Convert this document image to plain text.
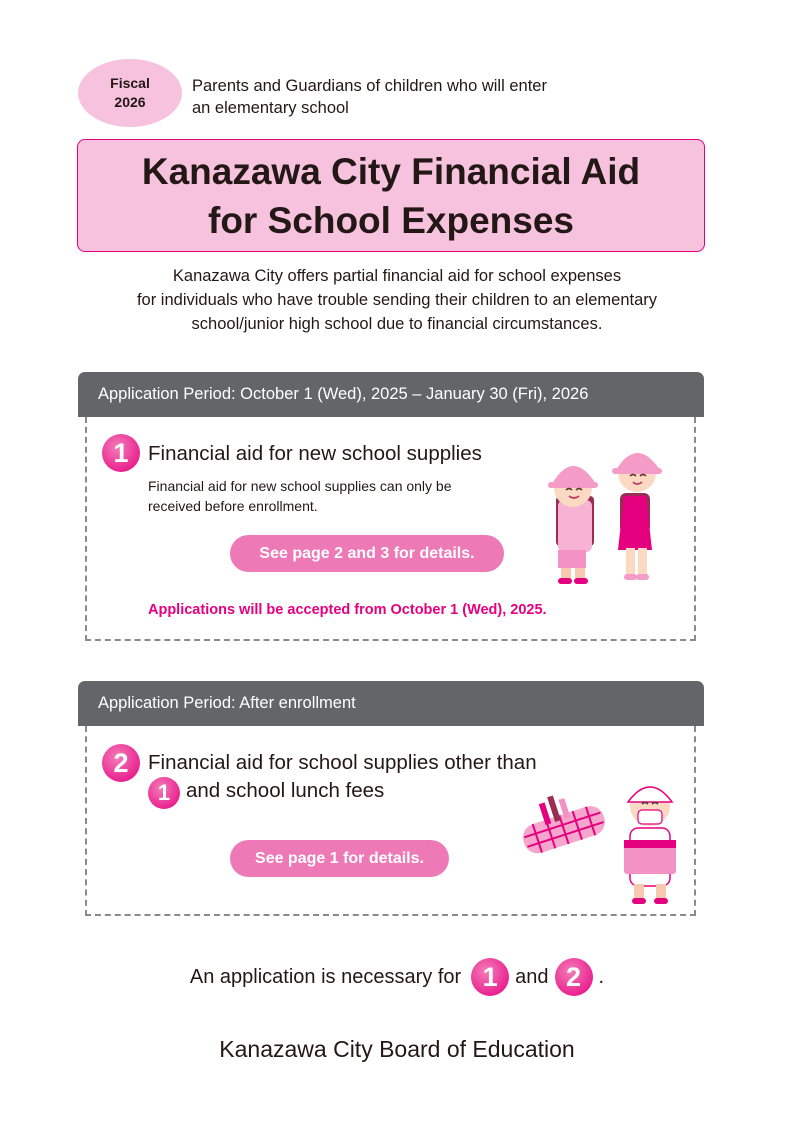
Fiscal
2026
Parents and Guardians of children who will enter
an elementary school
Kanazawa City Financial Aid
for School Expenses
Kanazawa City offers partial financial aid for school expenses
for individuals who have trouble sending their children to an elementary
school/junior high school due to financial circumstances.
Application Period: October 1 (Wed), 2025 – January 30 (Fri), 2026
1 Financial aid for new school supplies
Financial aid for new school supplies can only be
received before enrollment.
See page 2 and 3 for details.
Applications will be accepted from October 1 (Wed), 2025.
Application Period: After enrollment
2 Financial aid for school supplies other than
1 and school lunch fees
See page 1 for details.
An application is necessary for 1 and 2 .
Kanazawa City Board of Education
